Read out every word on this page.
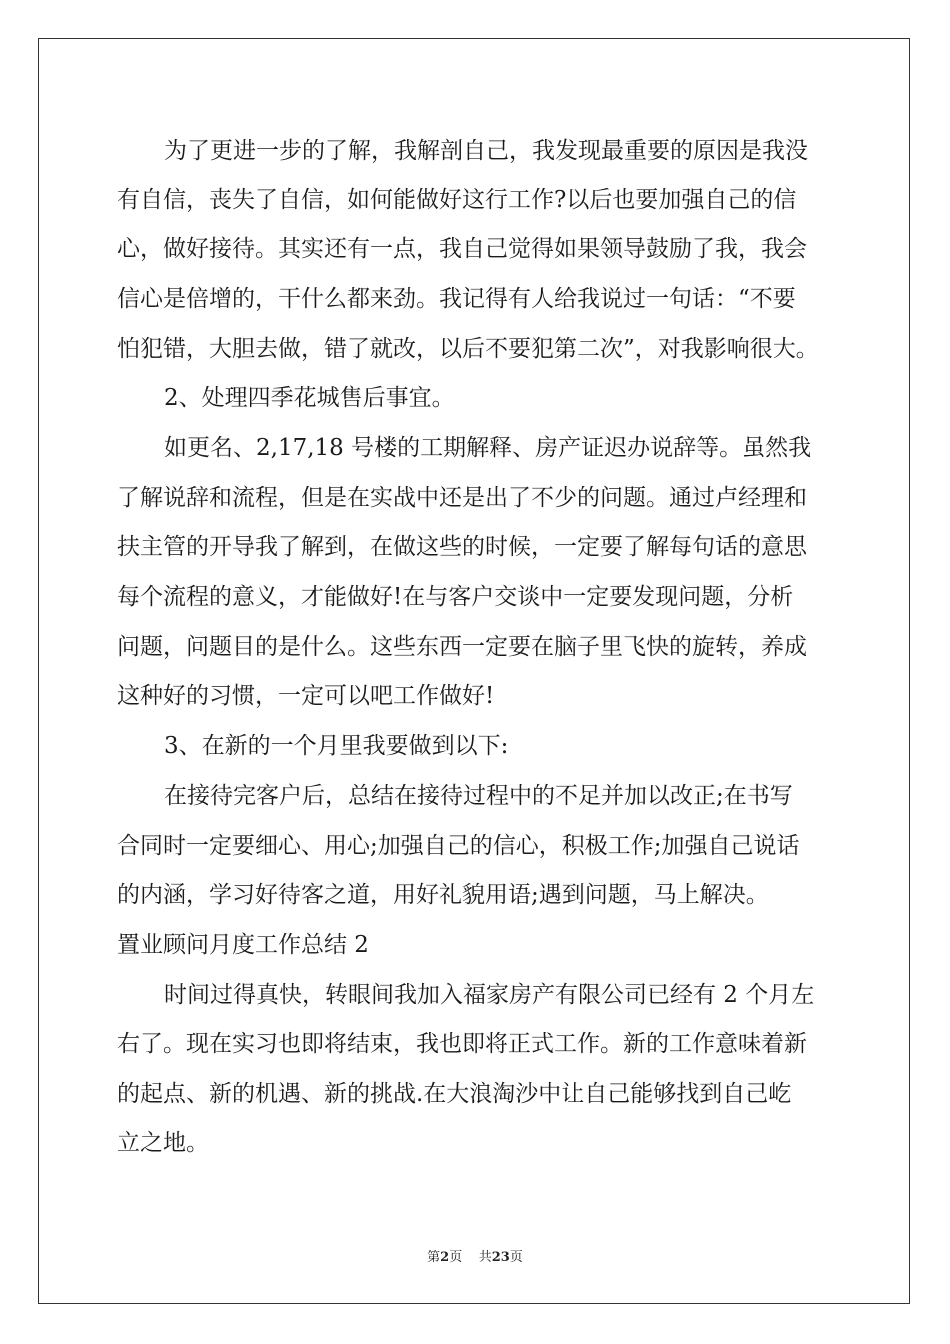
为了更进一步的了解，我解剖自己，我发现最重要的原因是我没

有自信，丧失了自信，如何能做好这行工作?以后也要加强自己的信

心，做好接待。其实还有一点，我自己觉得如果领导鼓励了我，我会

信心是倍增的，干什么都来劲。我记得有人给我说过一句话：“不要

怕犯错，大胆去做，错了就改，以后不要犯第二次”，对我影响很大。

2、处理四季花城售后事宜。

如更名、2,17,18 号楼的工期解释、房产证迟办说辞等。虽然我

了解说辞和流程，但是在实战中还是出了不少的问题。通过卢经理和

扶主管的开导我了解到，在做这些的时候，一定要了解每句话的意思

每个流程的意义，才能做好!在与客户交谈中一定要发现问题，分析

问题，问题目的是什么。这些东西一定要在脑子里飞快的旋转，养成

这种好的习惯，一定可以吧工作做好!

3、在新的一个月里我要做到以下:

在接待完客户后，总结在接待过程中的不足并加以改正;在书写

合同时一定要细心、用心;加强自己的信心，积极工作;加强自己说话

的内涵，学习好待客之道，用好礼貌用语;遇到问题，马上解决。

置业顾问月度工作总结 2

时间过得真快，转眼间我加入福家房产有限公司已经有 2 个月左

右了。现在实习也即将结束，我也即将正式工作。新的工作意味着新

的起点、新的机遇、新的挑战.在大浪淘沙中让自己能够找到自己屹

立之地。

第2页 共23页
